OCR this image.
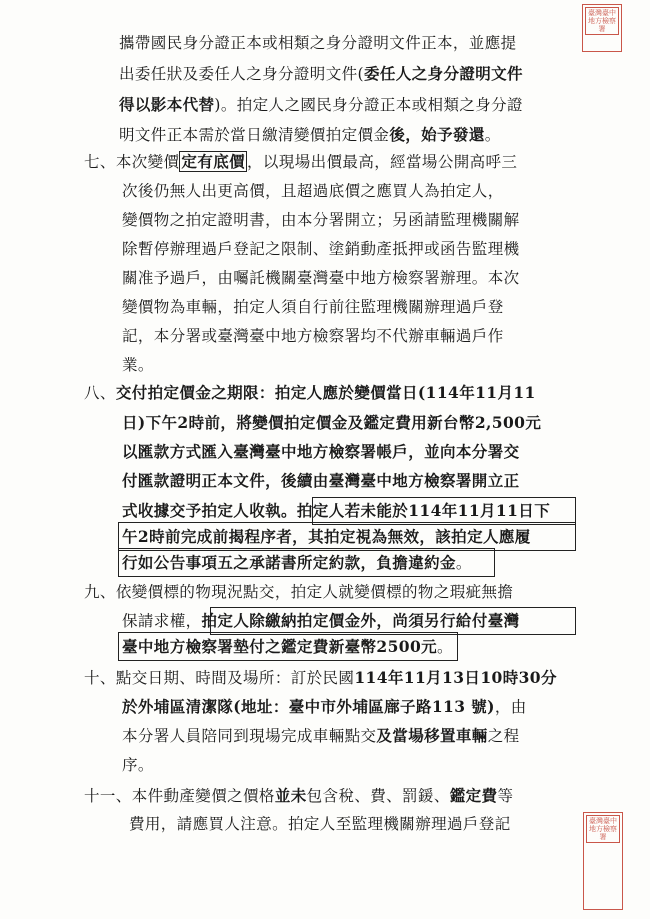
臺灣臺中地方檢察署
臺灣臺中地方檢察署
攜帶國民身分證正本或相類之身分證明文件正本，並應提
出委任狀及委任人之身分證明文件(委任人之身分證明文件
得以影本代替)。拍定人之國民身分證正本或相類之身分證
明文件正本需於當日繳清變價拍定價金後，始予發還。
七、本次變價 定有底價 ，以現場出價最高，經當場公開高呼三
次後仍無人出更高價，且超過底價之應買人為拍定人，
變價物之拍定證明書，由本分署開立；另函請監理機關解
除暫停辦理過戶登記之限制、塗銷動產抵押或函告監理機
關准予過戶，由囑託機關臺灣臺中地方檢察署辦理。本次
變價物為車輛，拍定人須自行前往監理機關辦理過戶登
記，本分署或臺灣臺中地方檢察署均不代辦車輛過戶作
業。
八、交付拍定價金之期限：拍定人應於變價當日(114年11月11
日)下午2時前，將變價拍定價金及鑑定費用新台幣2,500元
以匯款方式匯入臺灣臺中地方檢察署帳戶，並向本分署交
付匯款證明正本文件，後續由臺灣臺中地方檢察署開立正
式收據交予拍定人收執。拍定人若未能於114年11月11日下
午2時前完成前揭程序者，其拍定視為無效，該拍定人應履
行如公告事項五之承諾書所定約款，負擔違約金。
九、依變價標的物現況點交，拍定人就變價標的物之瑕疵無擔
保請求權，拍定人除繳納拍定價金外，尚須另行給付臺灣
臺中地方檢察署墊付之鑑定費新臺幣2500元。
十、點交日期、時間及場所：訂於民國114年11月13日10時30分
於外埔區清潔隊(地址：臺中市外埔區廍子路113 號)，由
本分署人員陪同到現場完成車輛點交及當場移置車輛之程
序。
十一、本件動產變價之價格並未包含稅、費、罰鍰、鑑定費等
費用，請應買人注意。拍定人至監理機關辦理過戶登記
